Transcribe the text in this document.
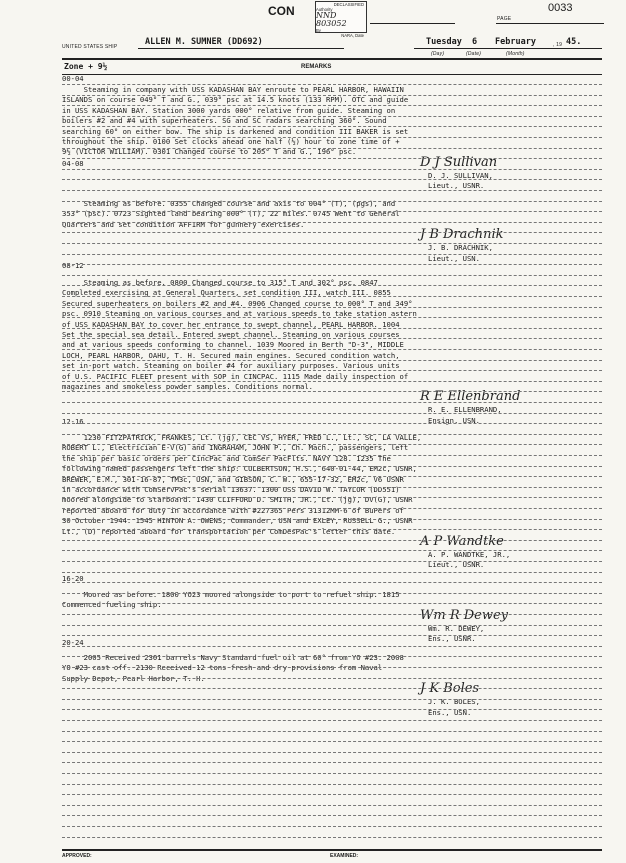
CON	DECLASSIFIED
Authority
NND 803052
By
NARA, Date
PAGE
0033
UNITED STATES SHIP	ALLEN M. SUMNER (DD692)	Tuesday 6 February	, 19 45.
(Day)	(Date)	(Month)
Zone + 9½	REMARKS
00-04
Steaming in company with USS KADASHAN BAY enroute to PEARL HARBOR, HAWAIIN
ISLANDS on course 049° T and G., 039° psc at 14.5 knots (133 RPM). OTC and guide
in USS KADASHAN BAY. Station 3000 yards 000° relative from guide. Steaming on
boilers #2 and #4 with superheaters. SG and SC radars searching 360°. Sound
searching 60° on either bow. The ship is darkened and condition III BAKER is set
throughout the ship. 0100 Set clocks ahead one half (½) hour to zone time of +
9½ (VICTOR WILLIAM). 0301 Changed course to 205° T and G., 196° psc.
D J Sullivan
D. J. SULLIVAN,
Lieut., USNR.
04-08
Steaming as before. 0355 Changed course and axis to 004° (T), (pgs), and
353° (psc). 0723 Sighted land bearing 000° (T), 22 miles. 0745 Went to General
Quarters and set condition AFFIRM for gunnery exercises.
J B Drachnik
J. B. DRACHNIK,
Lieut., USN.
08-12
Steaming as before. 0800 Changed course to 315° T and 302° psc. 0847
Completed exercising at General Quarters, set condition III, watch III. 0855
Secured superheaters on boilers #2 and #4. 0906 Changed course to 000° T and 349°
psc. 0910 Steaming on various courses and at various speeds to take station astern
of USS KADASHAN BAY to cover her entrance to swept channel, PEARL HARBOR. 1004
Set the special sea detail. Entered swept channel. Steaming on various courses
and at various speeds conforming to channel. 1039 Moored in Berth "D-3", MIDDLE
LOCH, PEARL HARBOR, OAHU, T. H. Secured main engines. Secured condition watch,
set in-port watch. Steaming on boiler #4 for auxiliary purposes. Various units
of U.S. PACIFIC FLEET present with SOP in CINCPAC. 1115 Made daily inspection of
magazines and smokeless powder samples. Conditions normal.
R E Ellenbrand
R. E. ELLENBRAND,
Ensign, USN.
12-16
1230 FITZPATRICK, FRANKES, Lt. (jg), CEC VS, HYER, FRED L., Lt., SC, LA VALLE,
ROBERT L., Electrician E-V(G) and INGRAHAM, JOHN P., Ch. Mach., passengers, left
the ship per basic orders per CincPac and ComSer PacFlts. NAVY 128. 1235 The
following named passengers left the ship: CULBERTSON, H.S., 640-01-44, EM2c, USNR,
BREWER, E.M., 301-16-87, TM3c, USN, and GIBSON, C. W., 655-17-32, EM2c, V6 USNR
in accordance with ComServPac's serial 13637. 1300 USS DAVID W. TAYLOR (DD551)
moored alongside to starboard. 1430 CLIFFORD D. SMITH, JR., Lt. (jg), DV(G), USNR
reported aboard for duty in accordance with #227365 Pers 31312MM-6 of BuPers of
30 October 1944. 1545 HINTON A. OWENS, Commander, USN and EXLEY, RUSSELL G., USNR
Lt., (D) reported aboard for transportation per ComDesPac's letter this date.
A P Wandtke
A. P. WANDTKE, JR.,
Lieut., USNR.
16-20
Moored as before. 1800 YO23 moored alongside to port to refuel ship. 1815
Commenced fueling ship.
Wm R Dewey
Wm. R. DEWEY,
Ens., USNR.
20-24
2005 Received 2301 barrels Navy Standard fuel oil at 60° from YO #23. 2008
YO #23 cast off. 2130 Received 12 tons fresh and dry provisions from Naval
Supply Depot, Pearl Harbor, T. H.
J K Boles
J. K. BOLES,
Ens., USN.
APPROVED:	EXAMINED:
